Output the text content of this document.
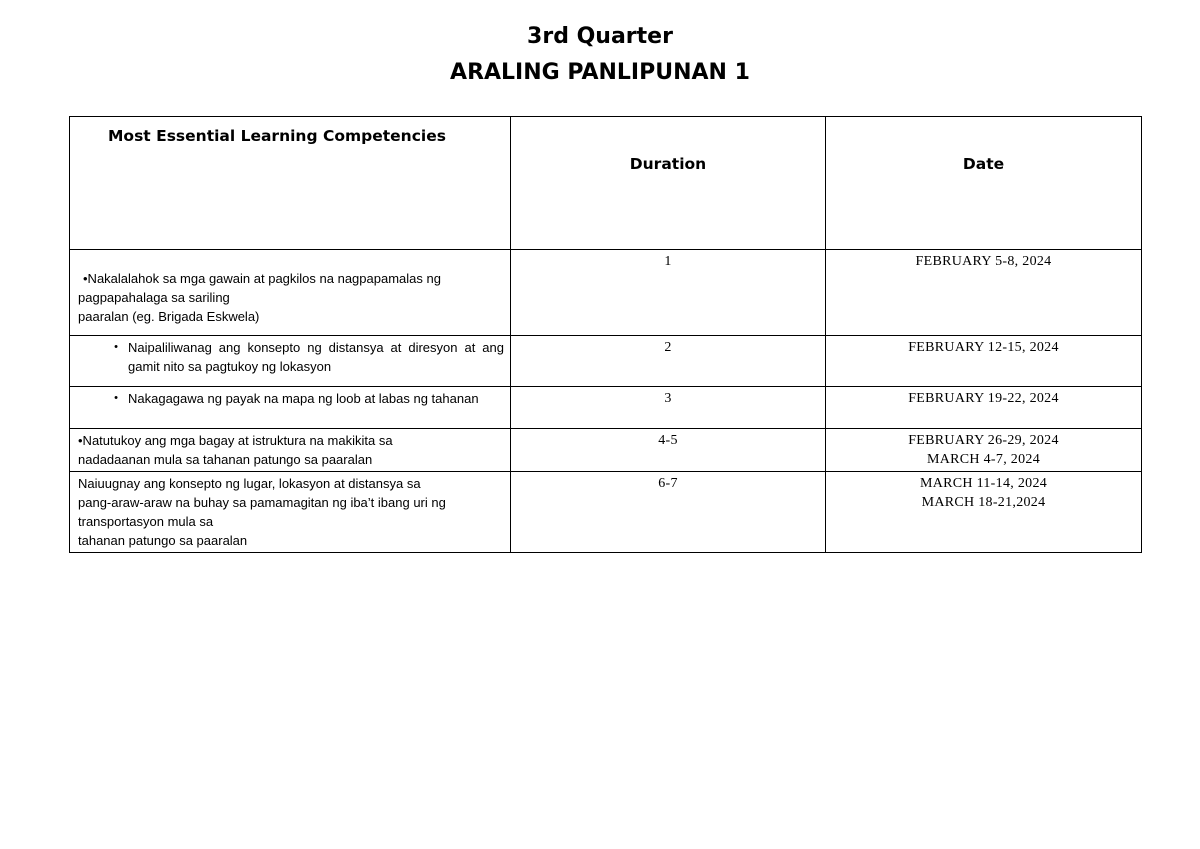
3rd Quarter
ARALING PANLIPUNAN 1
Most Essential Learning Competencies	Duration	Date

•Nakalalahok sa mga gawain at pagkilos na nagpapamalas ng
pagpapahalaga sa sariling
paaralan (eg. Brigada Eskwela)	1	FEBRUARY 5-8, 2024

• Naipaliliwanag ang konsepto ng distansya at diresyon at ang gamit nito sa pagtukoy ng lokasyon	2	FEBRUARY 12-15, 2024

• Nakagagawa ng payak na mapa ng loob at labas ng tahanan	3	FEBRUARY 19-22, 2024

•Natutukoy ang mga bagay at istruktura na makikita sa
nadadaanan mula sa tahanan patungo sa paaralan	4-5	FEBRUARY 26-29, 2024
MARCH 4-7, 2024

Naiuugnay ang konsepto ng lugar, lokasyon at distansya sa
pang-araw-araw na buhay sa pamamagitan ng iba’t ibang uri ng
transportasyon mula sa
tahanan patungo sa paaralan	6-7	MARCH 11-14, 2024
MARCH 18-21,2024
